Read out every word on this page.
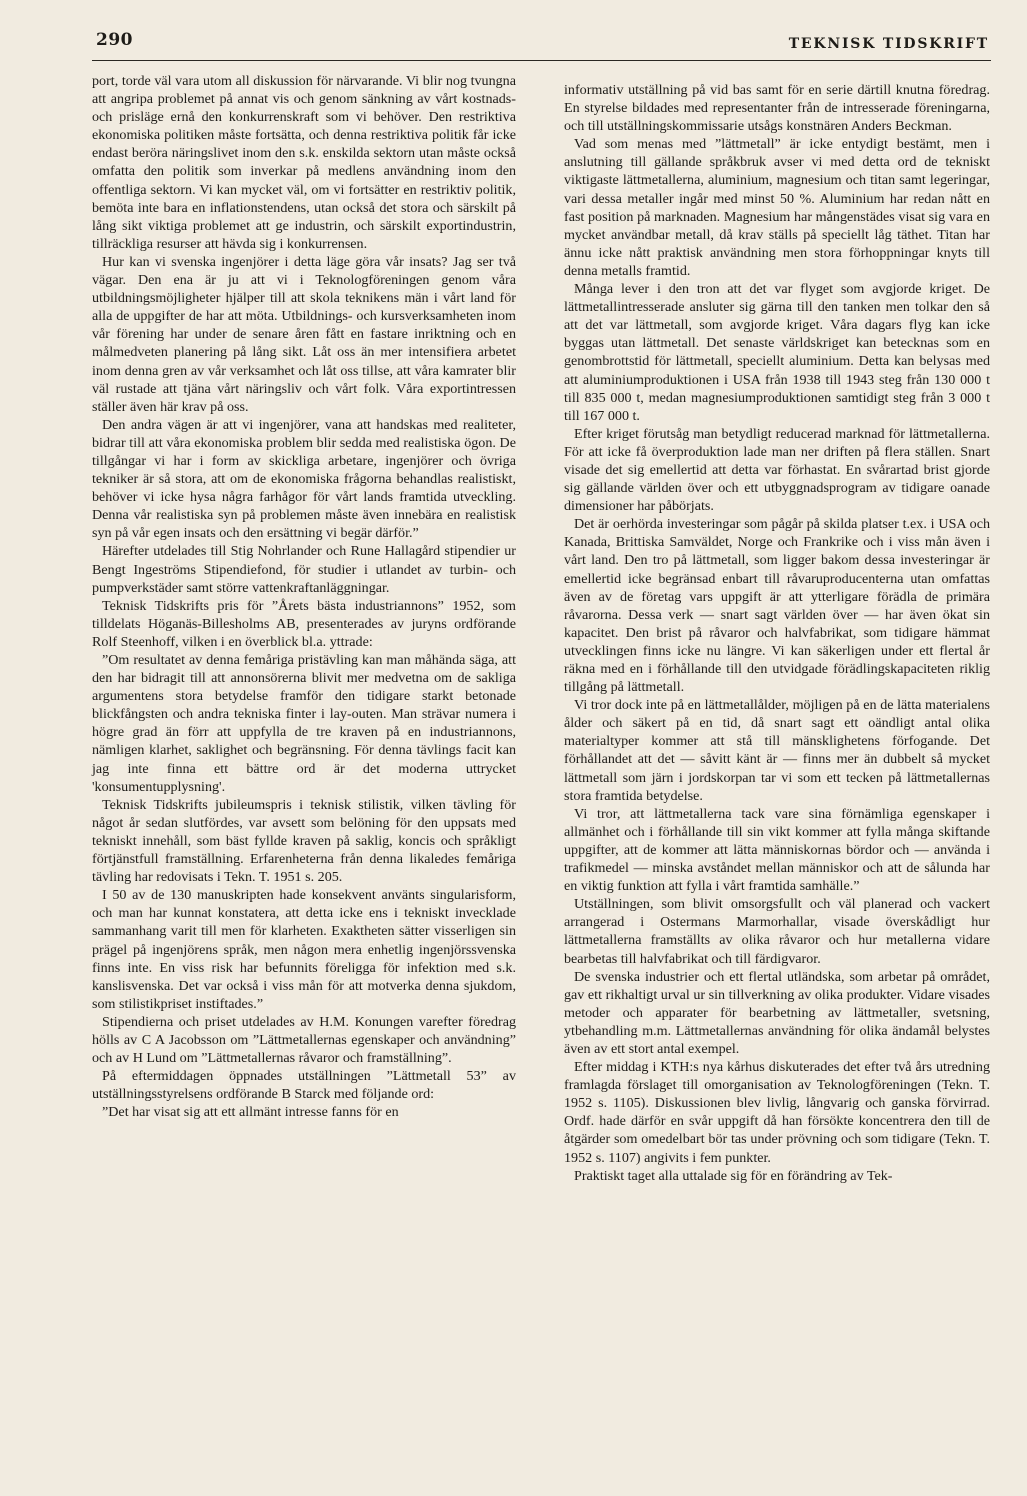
290	TEKNISK TIDSKRIFT

port, torde väl vara utom all diskussion för närvarande. Vi blir nog tvungna att angripa problemet på annat vis och genom sänkning av vårt kostnads- och prisläge ernå den konkurrenskraft som vi behöver. Den restriktiva ekonomiska politiken måste fortsätta, och denna restriktiva politik får icke endast beröra näringslivet inom den s.k. enskilda sektorn utan måste också omfatta den politik som inverkar på medlens användning inom den offentliga sektorn. Vi kan mycket väl, om vi fortsätter en restriktiv politik, bemöta inte bara en inflationstendens, utan också det stora och särskilt på lång sikt viktiga problemet att ge industrin, och särskilt exportindustrin, tillräckliga resurser att hävda sig i konkurrensen.

Hur kan vi svenska ingenjörer i detta läge göra vår insats? Jag ser två vägar. Den ena är ju att vi i Teknologföreningen genom våra utbildningsmöjligheter hjälper till att skola teknikens män i vårt land för alla de uppgifter de har att möta. Utbildnings- och kursverksamheten inom vår förening har under de senare åren fått en fastare inriktning och en målmedveten planering på lång sikt. Låt oss än mer intensifiera arbetet inom denna gren av vår verksamhet och låt oss tillse, att våra kamrater blir väl rustade att tjäna vårt näringsliv och vårt folk. Våra exportintressen ställer även här krav på oss.

Den andra vägen är att vi ingenjörer, vana att handskas med realiteter, bidrar till att våra ekonomiska problem blir sedda med realistiska ögon. De tillgångar vi har i form av skickliga arbetare, ingenjörer och övriga tekniker är så stora, att om de ekonomiska frågorna behandlas realistiskt, behöver vi icke hysa några farhågor för vårt lands framtida utveckling. Denna vår realistiska syn på problemen måste även innebära en realistisk syn på vår egen insats och den ersättning vi begär därför.”

Härefter utdelades till Stig Nohrlander och Rune Hallagård stipendier ur Bengt Ingeströms Stipendiefond, för studier i utlandet av turbin- och pumpverkstäder samt större vattenkraftanläggningar.

Teknisk Tidskrifts pris för ”Årets bästa industriannons” 1952, som tilldelats Höganäs-Billesholms AB, presenterades av juryns ordförande Rolf Steenhoff, vilken i en överblick bl.a. yttrade:

”Om resultatet av denna femåriga pristävling kan man måhända säga, att den har bidragit till att annonsörerna blivit mer medvetna om de sakliga argumentens stora betydelse framför den tidigare starkt betonade blickfångsten och andra tekniska finter i lay-outen. Man strävar numera i högre grad än förr att uppfylla de tre kraven på en industriannons, nämligen klarhet, saklighet och begränsning. För denna tävlings facit kan jag inte finna ett bättre ord är det moderna uttrycket 'konsumentupplysning'.

Teknisk Tidskrifts jubileumspris i teknisk stilistik, vilken tävling för något år sedan slutfördes, var avsett som belöning för den uppsats med tekniskt innehåll, som bäst fyllde kraven på saklig, koncis och språkligt förtjänstfull framställning. Erfarenheterna från denna likaledes femåriga tävling har redovisats i Tekn. T. 1951 s. 205.

I 50 av de 130 manuskripten hade konsekvent använts singularisform, och man har kunnat konstatera, att detta icke ens i tekniskt invecklade sammanhang varit till men för klarheten. Exaktheten sätter visserligen sin prägel på ingenjörens språk, men någon mera enhetlig ingenjörssvenska finns inte. En viss risk har befunnits föreligga för infektion med s.k. kanslisvenska. Det var också i viss mån för att motverka denna sjukdom, som stilistikpriset instiftades.”

Stipendierna och priset utdelades av H.M. Konungen varefter föredrag hölls av C A Jacobsson om ”Lättmetallernas egenskaper och användning” och av H Lund om ”Lättmetallernas råvaror och framställning”.

På eftermiddagen öppnades utställningen ”Lättmetall 53” av utställningsstyrelsens ordförande B Starck med följande ord:

”Det har visat sig att ett allmänt intresse fanns för en

informativ utställning på vid bas samt för en serie därtill knutna föredrag. En styrelse bildades med representanter från de intresserade föreningarna, och till utställningskommissarie utsågs konstnären Anders Beckman.

Vad som menas med ”lättmetall” är icke entydigt bestämt, men i anslutning till gällande språkbruk avser vi med detta ord de tekniskt viktigaste lättmetallerna, aluminium, magnesium och titan samt legeringar, vari dessa metaller ingår med minst 50 %. Aluminium har redan nått en fast position på marknaden. Magnesium har mångenstädes visat sig vara en mycket användbar metall, då krav ställs på speciellt låg täthet. Titan har ännu icke nått praktisk användning men stora förhoppningar knyts till denna metalls framtid.

Många lever i den tron att det var flyget som avgjorde kriget. De lättmetallintresserade ansluter sig gärna till den tanken men tolkar den så att det var lättmetall, som avgjorde kriget. Våra dagars flyg kan icke byggas utan lättmetall. Det senaste världskriget kan betecknas som en genombrottstid för lättmetall, speciellt aluminium. Detta kan belysas med att aluminiumproduktionen i USA från 1938 till 1943 steg från 130 000 t till 835 000 t, medan magnesiumproduktionen samtidigt steg från 3 000 t till 167 000 t.

Efter kriget förutsåg man betydligt reducerad marknad för lättmetallerna. För att icke få överproduktion lade man ner driften på flera ställen. Snart visade det sig emellertid att detta var förhastat. En svårartad brist gjorde sig gällande världen över och ett utbyggnadsprogram av tidigare oanade dimensioner har påbörjats.

Det är oerhörda investeringar som pågår på skilda platser t.ex. i USA och Kanada, Brittiska Samväldet, Norge och Frankrike och i viss mån även i vårt land. Den tro på lättmetall, som ligger bakom dessa investeringar är emellertid icke begränsad enbart till råvaruproducenterna utan omfattas även av de företag vars uppgift är att ytterligare förädla de primära råvarorna. Dessa verk — snart sagt världen över — har även ökat sin kapacitet. Den brist på råvaror och halvfabrikat, som tidigare hämmat utvecklingen finns icke nu längre. Vi kan säkerligen under ett flertal år räkna med en i förhållande till den utvidgade förädlingskapaciteten riklig tillgång på lättmetall.

Vi tror dock inte på en lättmetallålder, möjligen på en de lätta materialens ålder och säkert på en tid, då snart sagt ett oändligt antal olika materialtyper kommer att stå till mänsklighetens förfogande. Det förhållandet att det — såvitt känt är — finns mer än dubbelt så mycket lättmetall som järn i jordskorpan tar vi som ett tecken på lättmetallernas stora framtida betydelse.

Vi tror, att lättmetallerna tack vare sina förnämliga egenskaper i allmänhet och i förhållande till sin vikt kommer att fylla många skiftande uppgifter, att de kommer att lätta människornas bördor och — använda i trafikmedel — minska avståndet mellan människor och att de sålunda har en viktig funktion att fylla i vårt framtida samhälle.”

Utställningen, som blivit omsorgsfullt och väl planerad och vackert arrangerad i Ostermans Marmorhallar, visade överskådligt hur lättmetallerna framställts av olika råvaror och hur metallerna vidare bearbetas till halvfabrikat och till färdigvaror.

De svenska industrier och ett flertal utländska, som arbetar på området, gav ett rikhaltigt urval ur sin tillverkning av olika produkter. Vidare visades metoder och apparater för bearbetning av lättmetaller, svetsning, ytbehandling m.m. Lättmetallernas användning för olika ändamål belystes även av ett stort antal exempel.

Efter middag i KTH:s nya kårhus diskuterades det efter två års utredning framlagda förslaget till omorganisation av Teknologföreningen (Tekn. T. 1952 s. 1105). Diskussionen blev livlig, långvarig och ganska förvirrad. Ordf. hade därför en svår uppgift då han försökte koncentrera den till de åtgärder som omedelbart bör tas under prövning och som tidigare (Tekn. T. 1952 s. 1107) angivits i fem punkter.

Praktiskt taget alla uttalade sig för en förändring av Tek-
